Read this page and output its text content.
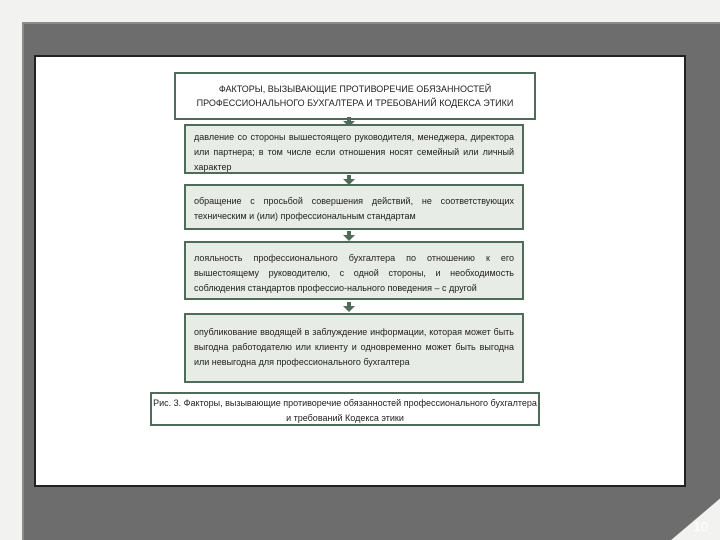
ФАКТОРЫ, ВЫЗЫВАЮЩИЕ ПРОТИВОРЕЧИЕ ОБЯЗАННОСТЕЙ
ПРОФЕССИОНАЛЬНОГО БУХГАЛТЕРА И ТРЕБОВАНИЙ КОДЕКСА ЭТИКИ
давление со стороны вышестоящего руководителя, менеджера, директора или партнера; в том числе если отношения носят семейный или личный характер
обращение с просьбой совершения действий, не соответствующих техническим и (или) профессиональным стандартам
лояльность профессионального бухгалтера по отношению к его вышестоящему руководителю, с одной стороны, и необходимость соблюдения стандартов профессио-нального поведения – с другой
опубликование вводящей в заблуждение информации, которая может быть выгодна работодателю или клиенту и одновременно может быть выгодна или невыгодна для профессионального бухгалтера
Рис. 3. Факторы, вызывающие противоречие обязанностей профессионального бухгалтера и требований Кодекса этики
10
